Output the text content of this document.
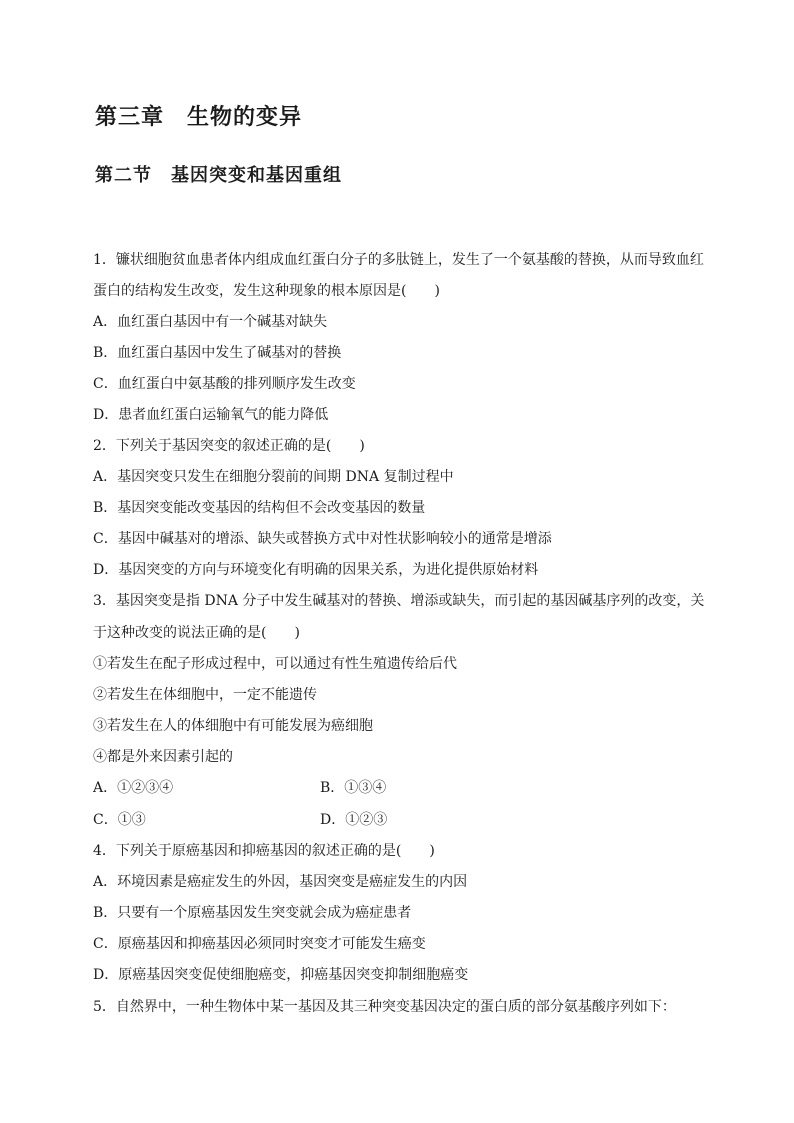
第三章　生物的变异
第二节　基因突变和基因重组
1．镰状细胞贫血患者体内组成血红蛋白分子的多肽链上，发生了一个氨基酸的替换，从而导致血红
蛋白的结构发生改变，发生这种现象的根本原因是(　　)
A．血红蛋白基因中有一个碱基对缺失
B．血红蛋白基因中发生了碱基对的替换
C．血红蛋白中氨基酸的排列顺序发生改变
D．患者血红蛋白运输氧气的能力降低
2．下列关于基因突变的叙述正确的是(　　)
A．基因突变只发生在细胞分裂前的间期 DNA 复制过程中
B．基因突变能改变基因的结构但不会改变基因的数量
C．基因中碱基对的增添、缺失或替换方式中对性状影响较小的通常是增添
D．基因突变的方向与环境变化有明确的因果关系，为进化提供原始材料
3．基因突变是指 DNA 分子中发生碱基对的替换、增添或缺失，而引起的基因碱基序列的改变，关
于这种改变的说法正确的是(　　)
①若发生在配子形成过程中，可以通过有性生殖遗传给后代
②若发生在体细胞中，一定不能遗传
③若发生在人的体细胞中有可能发展为癌细胞
④都是外来因素引起的
A．①②③④	B．①③④
C．①③	D．①②③
4．下列关于原癌基因和抑癌基因的叙述正确的是(　　)
A．环境因素是癌症发生的外因，基因突变是癌症发生的内因
B．只要有一个原癌基因发生突变就会成为癌症患者
C．原癌基因和抑癌基因必须同时突变才可能发生癌变
D．原癌基因突变促使细胞癌变，抑癌基因突变抑制细胞癌变
5．自然界中，一种生物体中某一基因及其三种突变基因决定的蛋白质的部分氨基酸序列如下：
